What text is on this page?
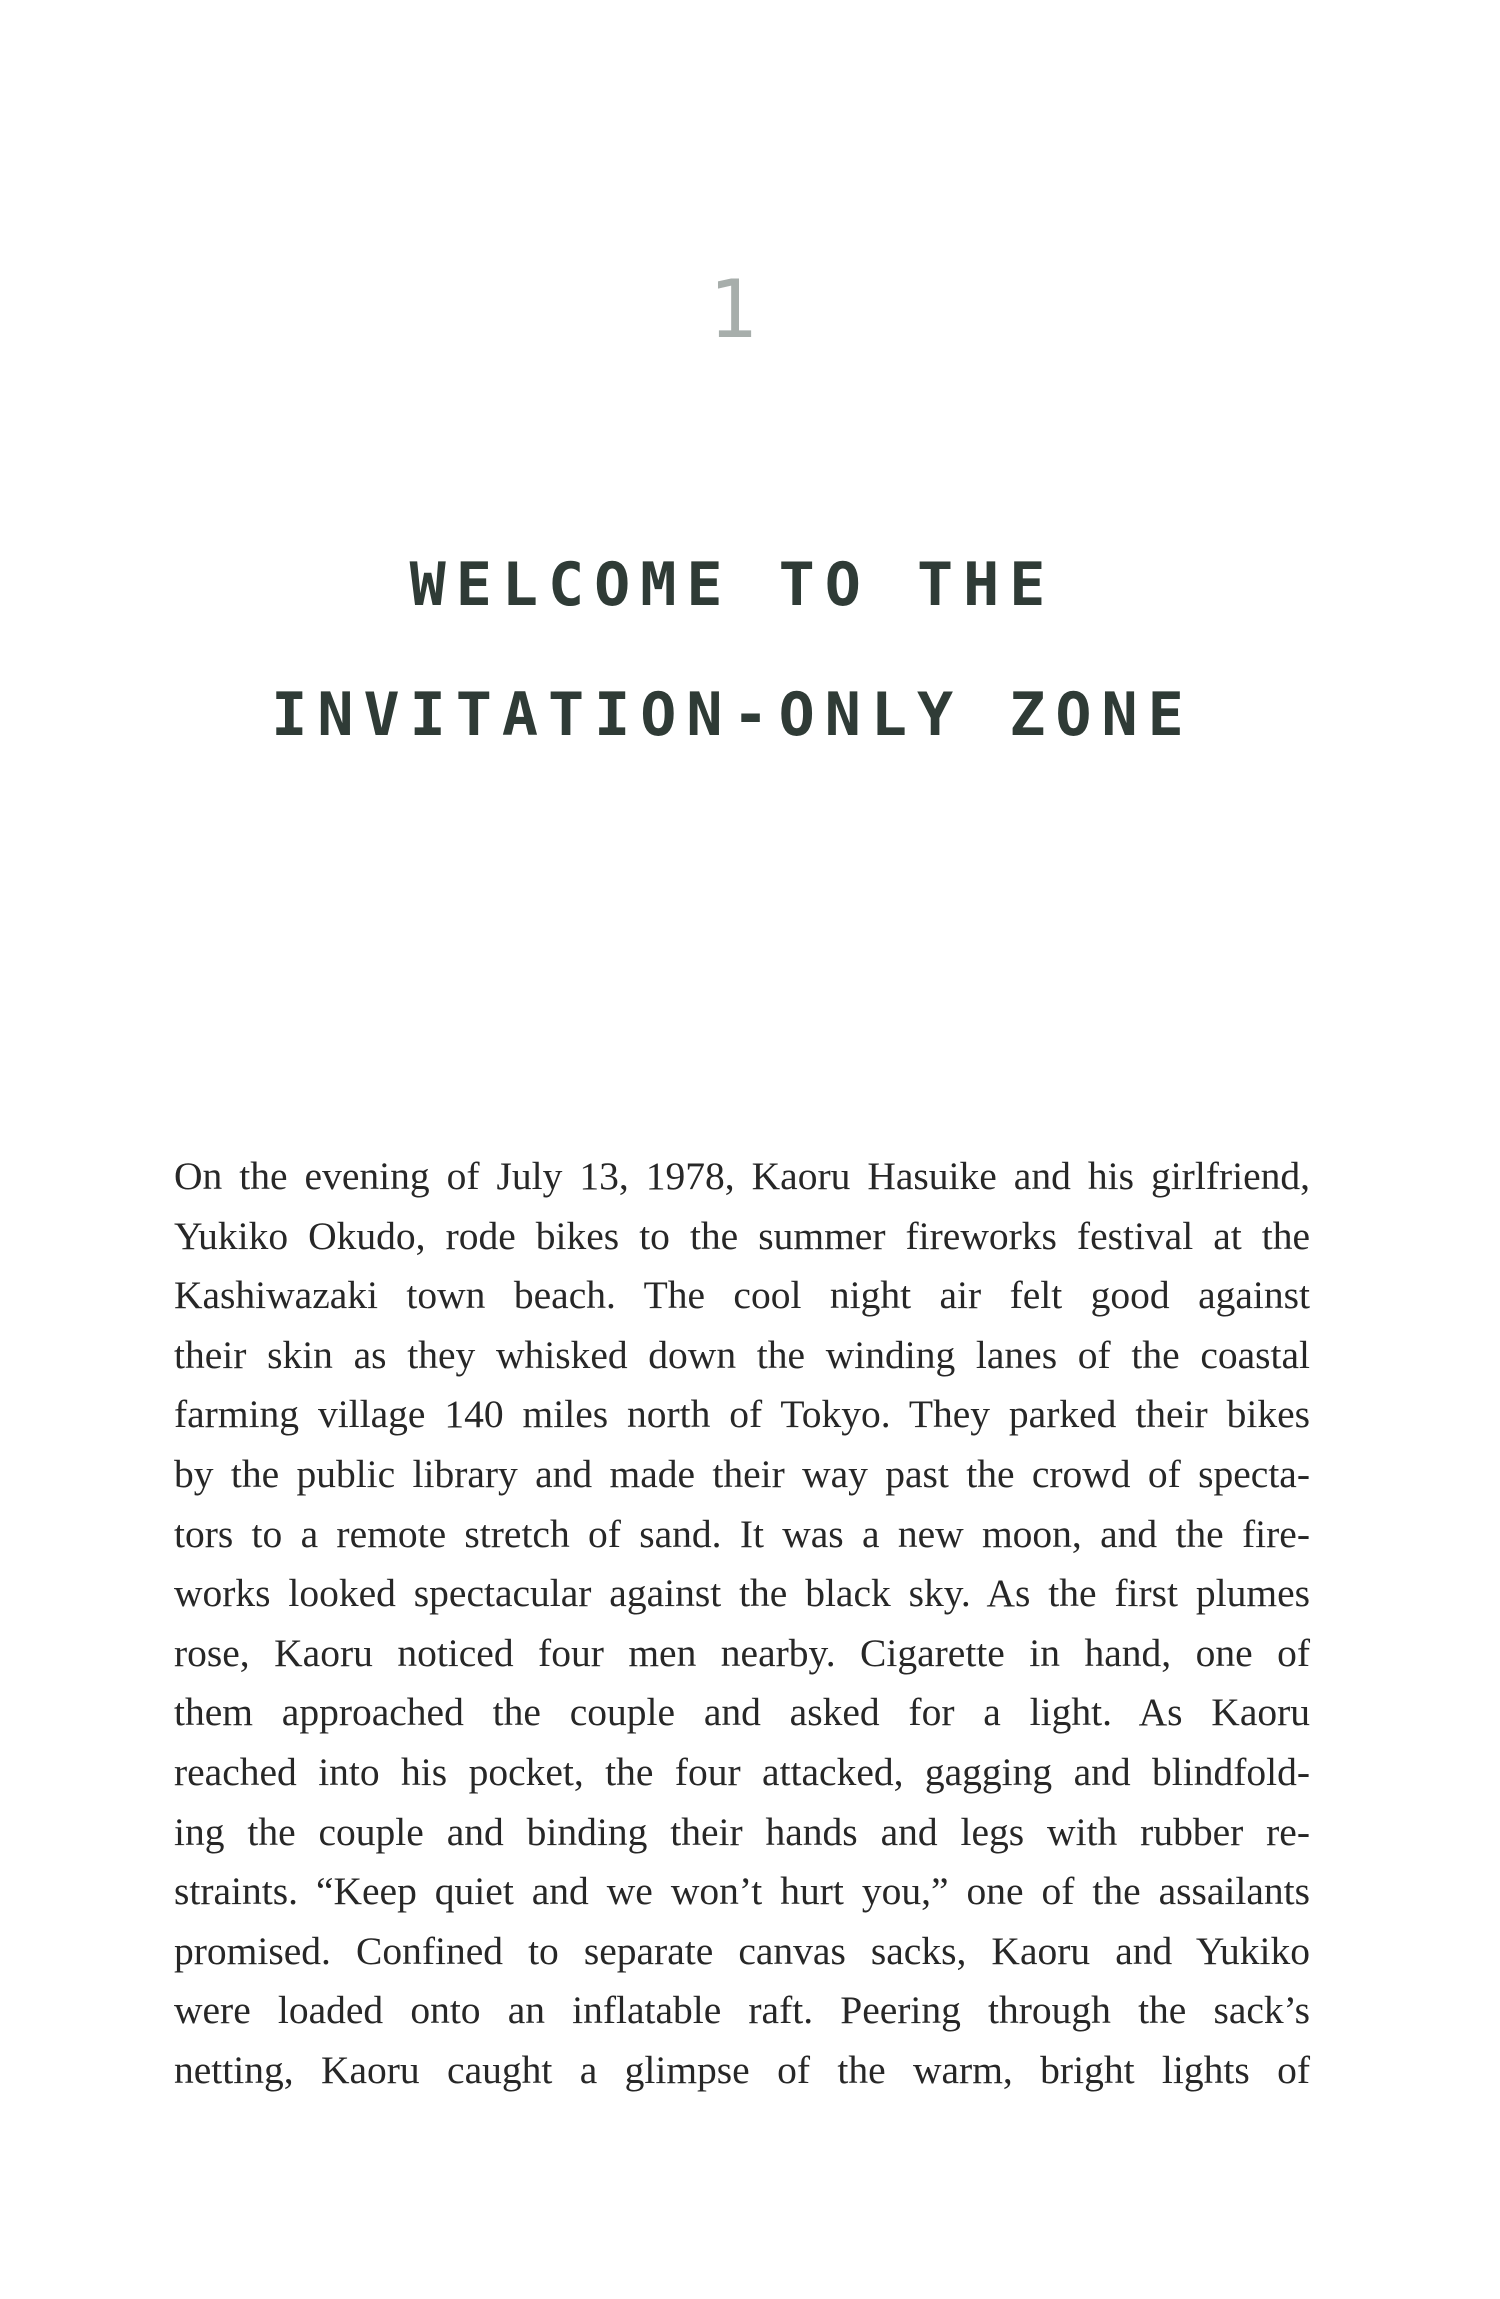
1
WELCOME TO THE
INVITATION-ONLY ZONE
On the evening of July 13, 1978, Kaoru Hasuike and his girlfriend,
Yukiko Okudo, rode bikes to the summer fireworks festival at the
Kashiwazaki town beach. The cool night air felt good against
their skin as they whisked down the winding lanes of the coastal
farming village 140 miles north of Tokyo. They parked their bikes
by the public library and made their way past the crowd of specta-
tors to a remote stretch of sand. It was a new moon, and the fire-
works looked spectacular against the black sky. As the first plumes
rose, Kaoru noticed four men nearby. Cigarette in hand, one of
them approached the couple and asked for a light. As Kaoru
reached into his pocket, the four attacked, gagging and blindfold-
ing the couple and binding their hands and legs with rubber re-
straints. “Keep quiet and we won’t hurt you,” one of the assailants
promised. Confined to separate canvas sacks, Kaoru and Yukiko
were loaded onto an inflatable raft. Peering through the sack’s
netting, Kaoru caught a glimpse of the warm, bright lights of
